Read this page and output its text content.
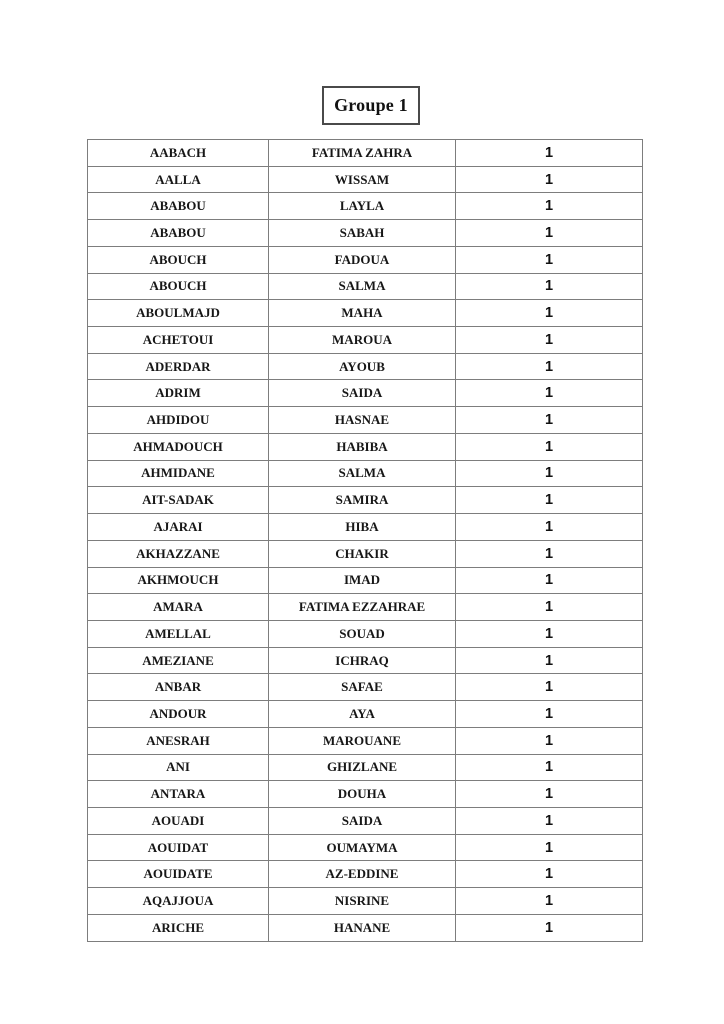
Groupe 1
AABACH	FATIMA ZAHRA	1
AALLA	WISSAM	1
ABABOU	LAYLA	1
ABABOU	SABAH	1
ABOUCH	FADOUA	1
ABOUCH	SALMA	1
ABOULMAJD	MAHA	1
ACHETOUI	MAROUA	1
ADERDAR	AYOUB	1
ADRIM	SAIDA	1
AHDIDOU	HASNAE	1
AHMADOUCH	HABIBA	1
AHMIDANE	SALMA	1
AIT-SADAK	SAMIRA	1
AJARAI	HIBA	1
AKHAZZANE	CHAKIR	1
AKHMOUCH	IMAD	1
AMARA	FATIMA EZZAHRAE	1
AMELLAL	SOUAD	1
AMEZIANE	ICHRAQ	1
ANBAR	SAFAE	1
ANDOUR	AYA	1
ANESRAH	MAROUANE	1
ANI	GHIZLANE	1
ANTARA	DOUHA	1
AOUADI	SAIDA	1
AOUIDAT	OUMAYMA	1
AOUIDATE	AZ-EDDINE	1
AQAJJOUA	NISRINE	1
ARICHE	HANANE	1
